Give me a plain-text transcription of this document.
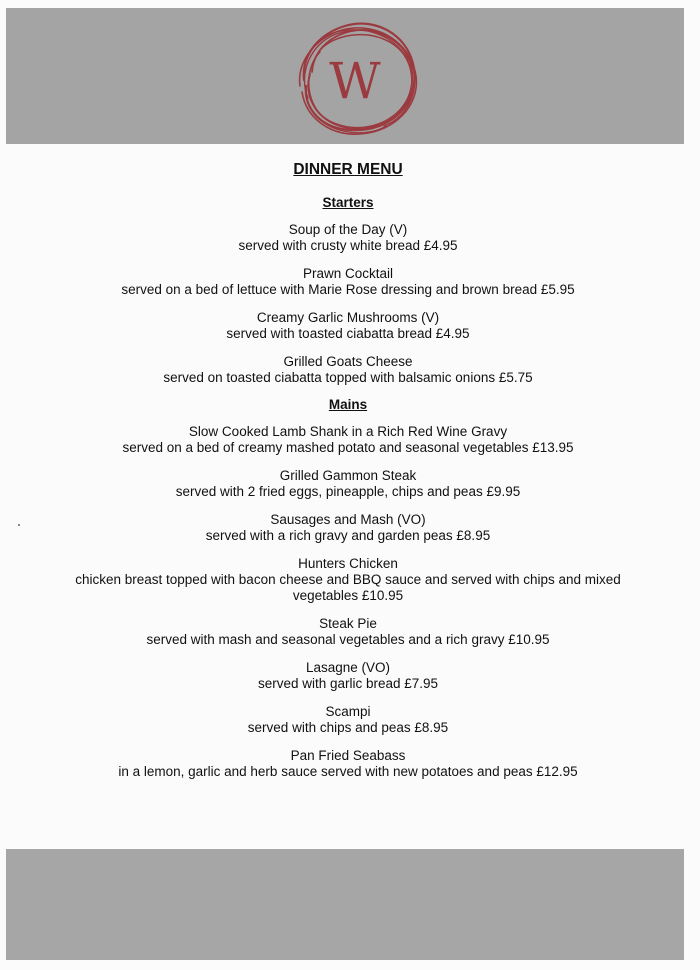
W
DINNER MENU
Starters
Soup of the Day (V)
served with crusty white bread £4.95
Prawn Cocktail
served on a bed of lettuce with Marie Rose dressing and brown bread £5.95
Creamy Garlic Mushrooms (V)
served with toasted ciabatta bread £4.95
Grilled Goats Cheese
served on toasted ciabatta topped with balsamic onions £5.75
Mains
Slow Cooked Lamb Shank in a Rich Red Wine Gravy
served on a bed of creamy mashed potato and seasonal vegetables £13.95
Grilled Gammon Steak
served with 2 fried eggs, pineapple, chips and peas £9.95
Sausages and Mash (VO)
served with a rich gravy and garden peas £8.95
Hunters Chicken
chicken breast topped with bacon cheese and BBQ sauce and served with chips and mixed vegetables £10.95
Steak Pie
served with mash and seasonal vegetables and a rich gravy £10.95
Lasagne (VO)
served with garlic bread £7.95
Scampi
served with chips and peas £8.95
Pan Fried Seabass
in a lemon, garlic and herb sauce served with new potatoes and peas £12.95
